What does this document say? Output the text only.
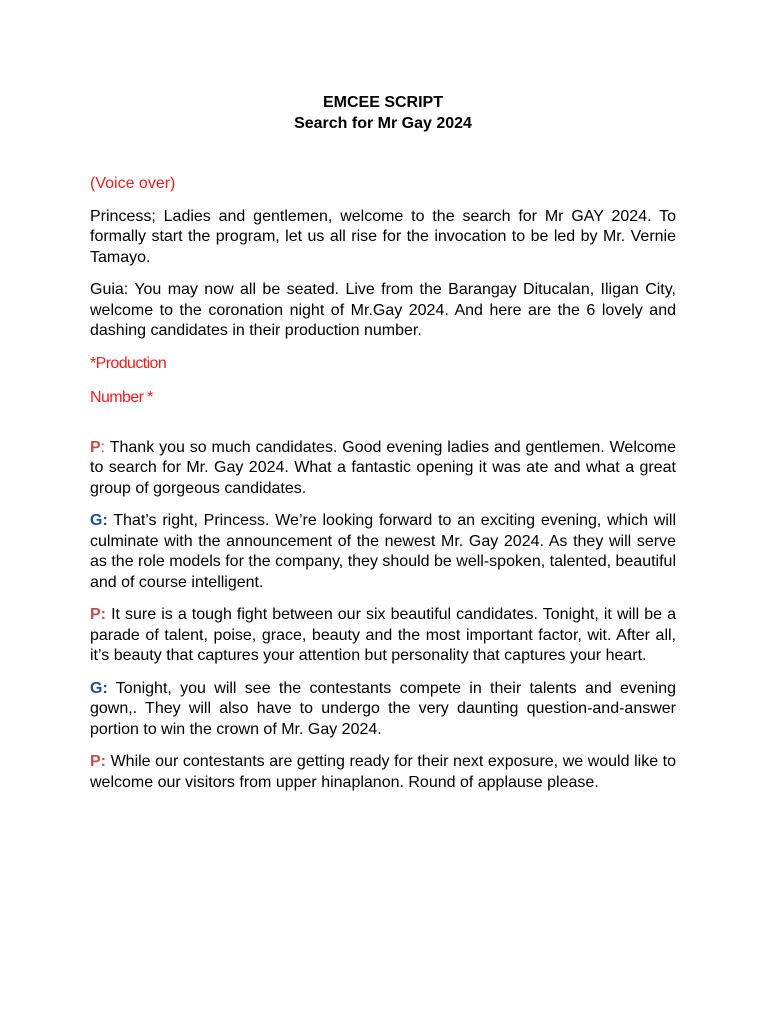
EMCEE SCRIPT

Search for Mr Gay 2024

(Voice over)

Princess; Ladies and gentlemen, welcome to the search for Mr GAY 2024. To formally start the program, let us all rise for the invocation to be led by Mr. Vernie Tamayo.

Guia: You may now all be seated. Live from the Barangay Ditucalan, Iligan City, welcome to the coronation night of Mr.Gay 2024. And here are the 6 lovely and dashing candidates in their production number.

*Production

Number *

P: Thank you so much candidates. Good evening ladies and gentlemen. Welcome to search for Mr. Gay 2024. What a fantastic opening it was ate and what a great group of gorgeous candidates.

G: That’s right, Princess. We’re looking forward to an exciting evening, which will culminate with the announcement of the newest Mr. Gay 2024. As they will serve as the role models for the company, they should be well-spoken, talented, beautiful and of course intelligent.

P: It sure is a tough fight between our six beautiful candidates. Tonight, it will be a parade of talent, poise, grace, beauty and the most important factor, wit. After all, it’s beauty that captures your attention but personality that captures your heart.

G: Tonight, you will see the contestants compete in their talents and evening gown,. They will also have to undergo the very daunting question-and-answer portion to win the crown of Mr. Gay 2024.

P: While our contestants are getting ready for their next exposure, we would like to welcome our visitors from upper hinaplanon. Round of applause please.
